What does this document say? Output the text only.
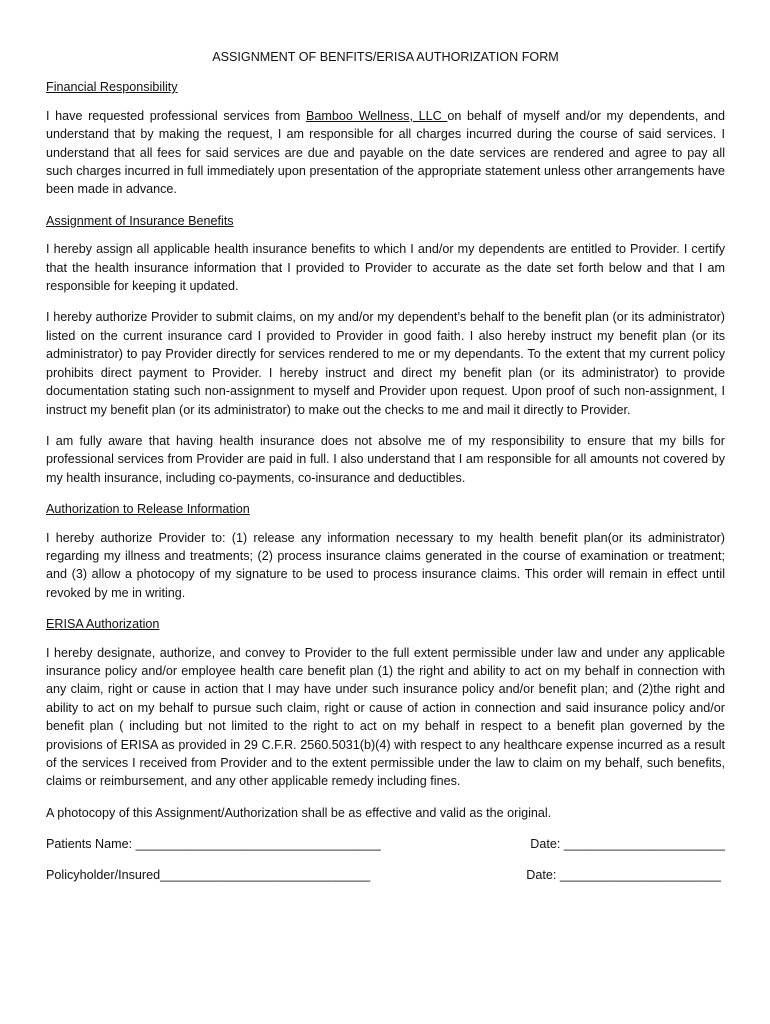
ASSIGNMENT OF BENFITS/ERISA AUTHORIZATION FORM
Financial Responsibility
I have requested professional services from Bamboo Wellness, LLC on behalf of myself and/or my dependents, and understand that by making the request, I am responsible for all charges incurred during the course of said services. I understand that all fees for said services are due and payable on the date services are rendered and agree to pay all such charges incurred in full immediately upon presentation of the appropriate statement unless other arrangements have been made in advance.
Assignment of Insurance Benefits
I hereby assign all applicable health insurance benefits to which I and/or my dependents are entitled to Provider. I certify that the health insurance information that I provided to Provider to accurate as the date set forth below and that I am responsible for keeping it updated.
I hereby authorize Provider to submit claims, on my and/or my dependent’s behalf to the benefit plan (or its administrator) listed on the current insurance card I provided to Provider in good faith. I also hereby instruct my benefit plan (or its administrator) to pay Provider directly for services rendered to me or my dependants. To the extent that my current policy prohibits direct payment to Provider. I hereby instruct and direct my benefit plan (or its administrator) to provide documentation stating such non-assignment to myself and Provider upon request. Upon proof of such non-assignment, I instruct my benefit plan (or its administrator) to make out the checks to me and mail it directly to Provider.
I am fully aware that having health insurance does not absolve me of my responsibility to ensure that my bills for professional services from Provider are paid in full. I also understand that I am responsible for all amounts not covered by my health insurance, including co-payments, co-insurance and deductibles.
Authorization to Release Information
I hereby authorize Provider to: (1) release any information necessary to my health benefit plan(or its administrator) regarding my illness and treatments; (2) process insurance claims generated in the course of examination or treatment; and (3) allow a photocopy of my signature to be used to process insurance claims. This order will remain in effect until revoked by me in writing.
ERISA Authorization
I hereby designate, authorize, and convey to Provider to the full extent permissible under law and under any applicable insurance policy and/or employee health care benefit plan (1) the right and ability to act on my behalf in connection with any claim, right or cause in action that I may have under such insurance policy and/or benefit plan; and (2)the right and ability to act on my behalf to pursue such claim, right or cause of action in connection and said insurance policy and/or benefit plan ( including but not limited to the right to act on my behalf in respect to a benefit plan governed by the provisions of ERISA as provided in 29 C.F.R. 2560.5031(b)(4) with respect to any healthcare expense incurred as a result of the services I received from Provider and to the extent permissible under the law to claim on my behalf, such benefits, claims or reimbursement, and any other applicable remedy including fines.
A photocopy of this Assignment/Authorization shall be as effective and valid as the original.
Patients Name: ___________________________________	Date: _______________________
Policyholder/Insured______________________________	Date: _______________________
